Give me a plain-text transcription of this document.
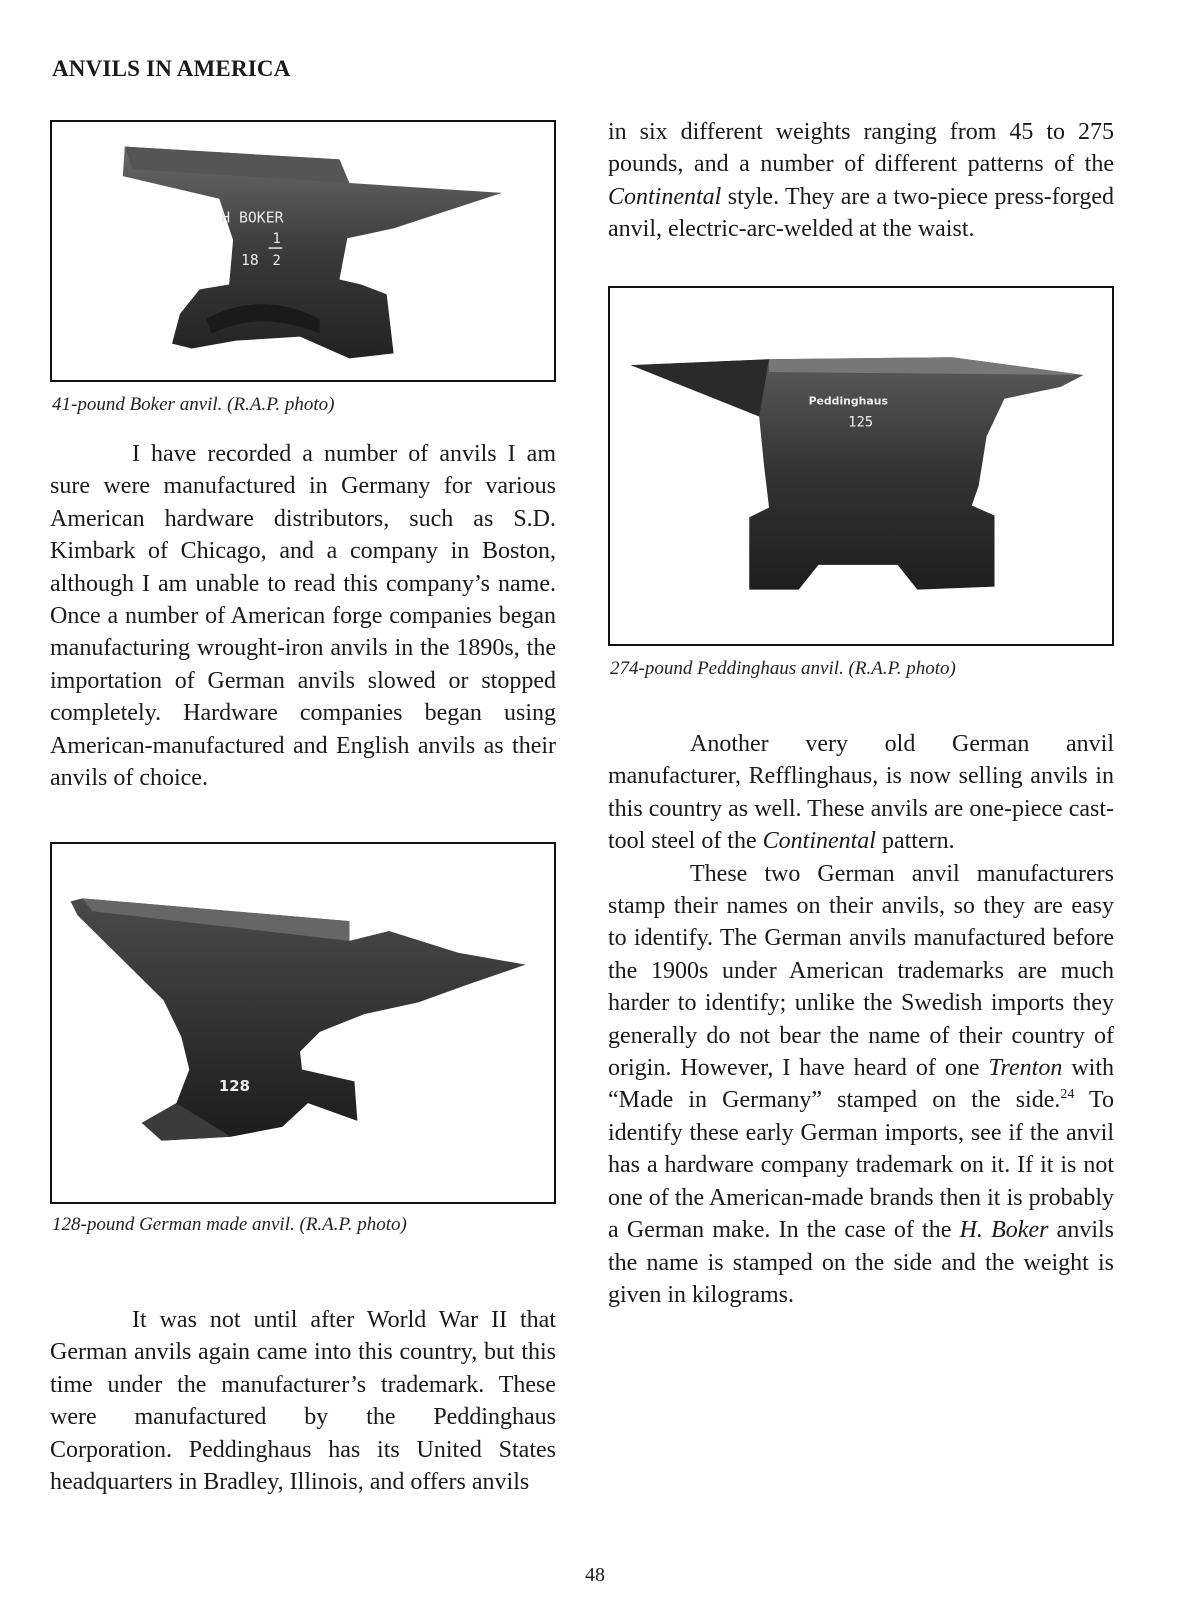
ANVILS IN AMERICA
H BOKER
18
1
2
41-pound Boker anvil. (R.A.P. photo)

I have recorded a number of anvils I am sure were manufactured in Germany for various American hardware distributors, such as S.D. Kimbark of Chicago, and a company in Boston, although I am unable to read this company’s name. Once a number of American forge companies began manufacturing wrought-iron anvils in the 1890s, the importation of German anvils slowed or stopped completely. Hardware companies began using American-manufactured and English anvils as their anvils of choice.

128
128-pound German made anvil. (R.A.P. photo)

It was not until after World War II that German anvils again came into this country, but this time under the manufacturer’s trademark. These were manufactured by the Peddinghaus Corporation. Peddinghaus has its United States headquarters in Bradley, Illinois, and offers anvils

in six different weights ranging from 45 to 275 pounds, and a number of different patterns of the Continental style. They are a two-piece press-forged anvil, electric-arc-welded at the waist.

Peddinghaus
125
274-pound Peddinghaus anvil. (R.A.P. photo)

Another very old German anvil manufacturer, Refflinghaus, is now selling anvils in this country as well. These anvils are one-piece cast-tool steel of the Continental pattern.

These two German anvil manufacturers stamp their names on their anvils, so they are easy to identify. The German anvils manufactured before the 1900s under American trademarks are much harder to identify; unlike the Swedish imports they generally do not bear the name of their country of origin. However, I have heard of one Trenton with “Made in Germany” stamped on the side.$^{24}$ To identify these early German imports, see if the anvil has a hardware company trademark on it. If it is not one of the American-made brands then it is probably a German make. In the case of the H. Boker anvils the name is stamped on the side and the weight is given in kilograms.

48
